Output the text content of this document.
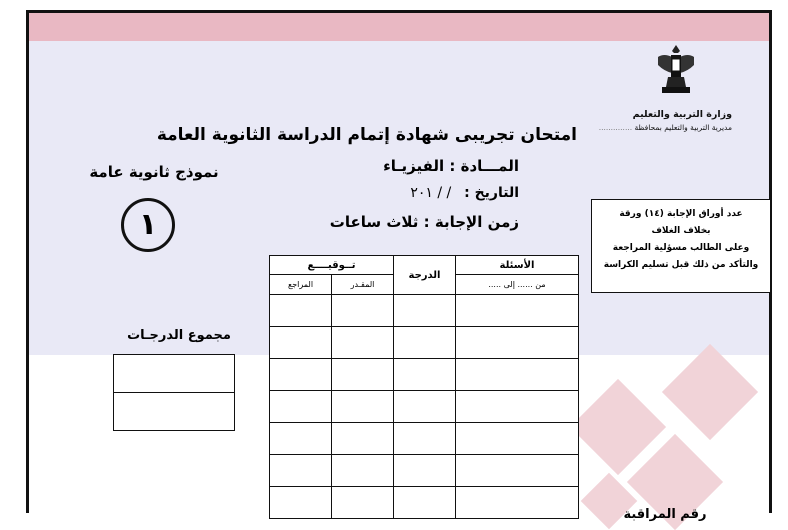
وزارة التربية والتعليم
مديرية التربية والتعليم بمحافظة ..............
امتحان تجريبى شهادة إتمام الدراسة الثانوية العامة
نموذج ثانوية عامة
١
المـــادة : الفيزيـاء
التاريخ : / / ٢٠١
زمن الإجابة : ثلاث ساعات	عدد أوراق الإجابة (١٤) ورقة
بخلاف الغلاف
وعلى الطالب مسؤلية المراجعة
والتأكد من ذلك قبل تسليم الكراسة
تــوقيــــع		الدرجة	الأسئلة
المراجع	المقـدر		من ...... إلى .....

مجموع الدرجـات
رقم المراقبة
